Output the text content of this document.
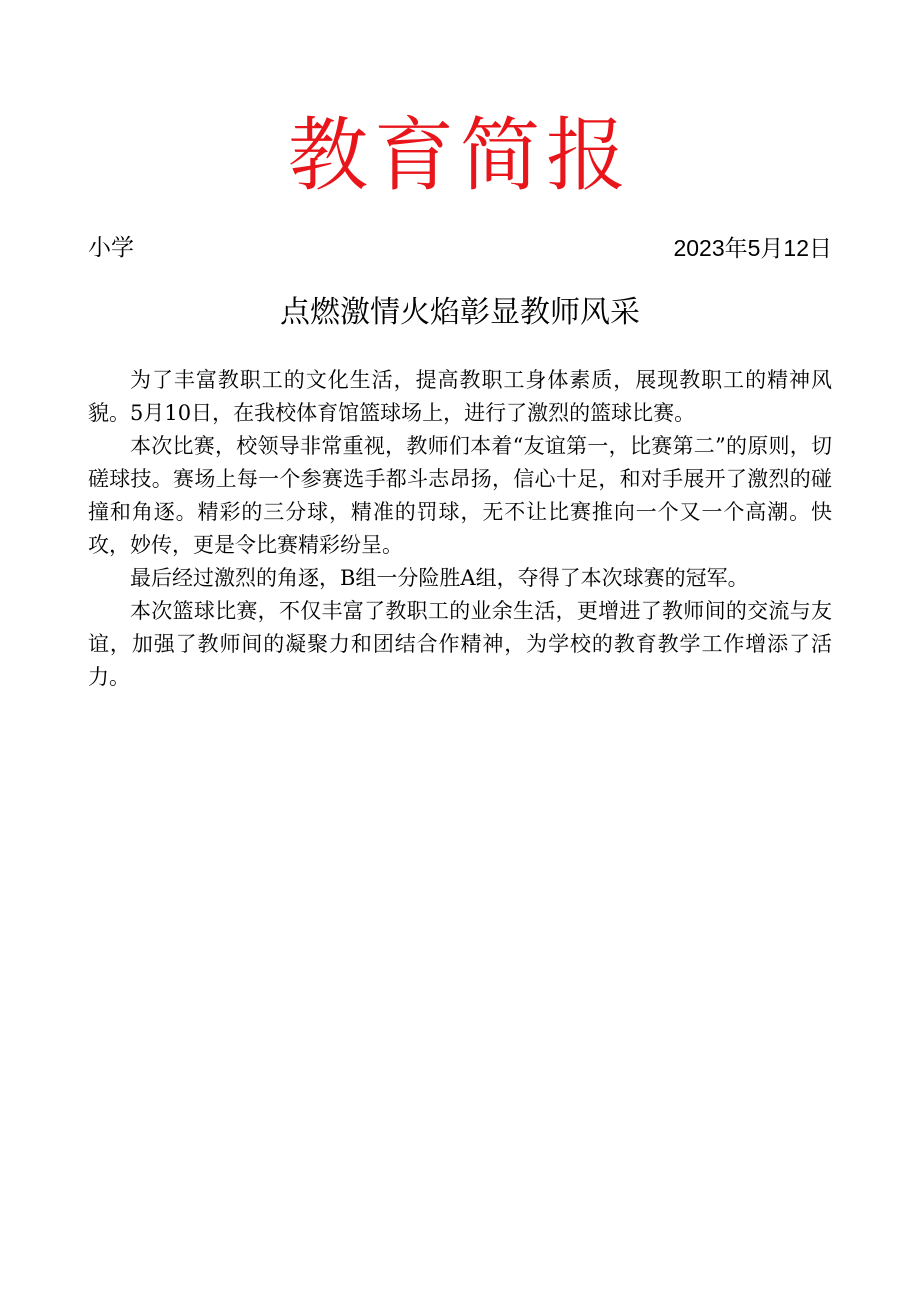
教育简报
小学	2023年5月12日
点燃激情火焰彰显教师风采

为了丰富教职工的文化生活，提高教职工身体素质，展现教职工的精神风貌。5月10日，在我校体育馆篮球场上，进行了激烈的篮球比赛。

本次比赛，校领导非常重视，教师们本着“友谊第一，比赛第二”的原则，切磋球技。赛场上每一个参赛选手都斗志昂扬，信心十足，和对手展开了激烈的碰撞和角逐。精彩的三分球，精准的罚球，无不让比赛推向一个又一个高潮。快攻，妙传，更是令比赛精彩纷呈。

最后经过激烈的角逐，B组一分险胜A组，夺得了本次球赛的冠军。

本次篮球比赛，不仅丰富了教职工的业余生活，更增进了教师间的交流与友谊，加强了教师间的凝聚力和团结合作精神，为学校的教育教学工作增添了活力。
